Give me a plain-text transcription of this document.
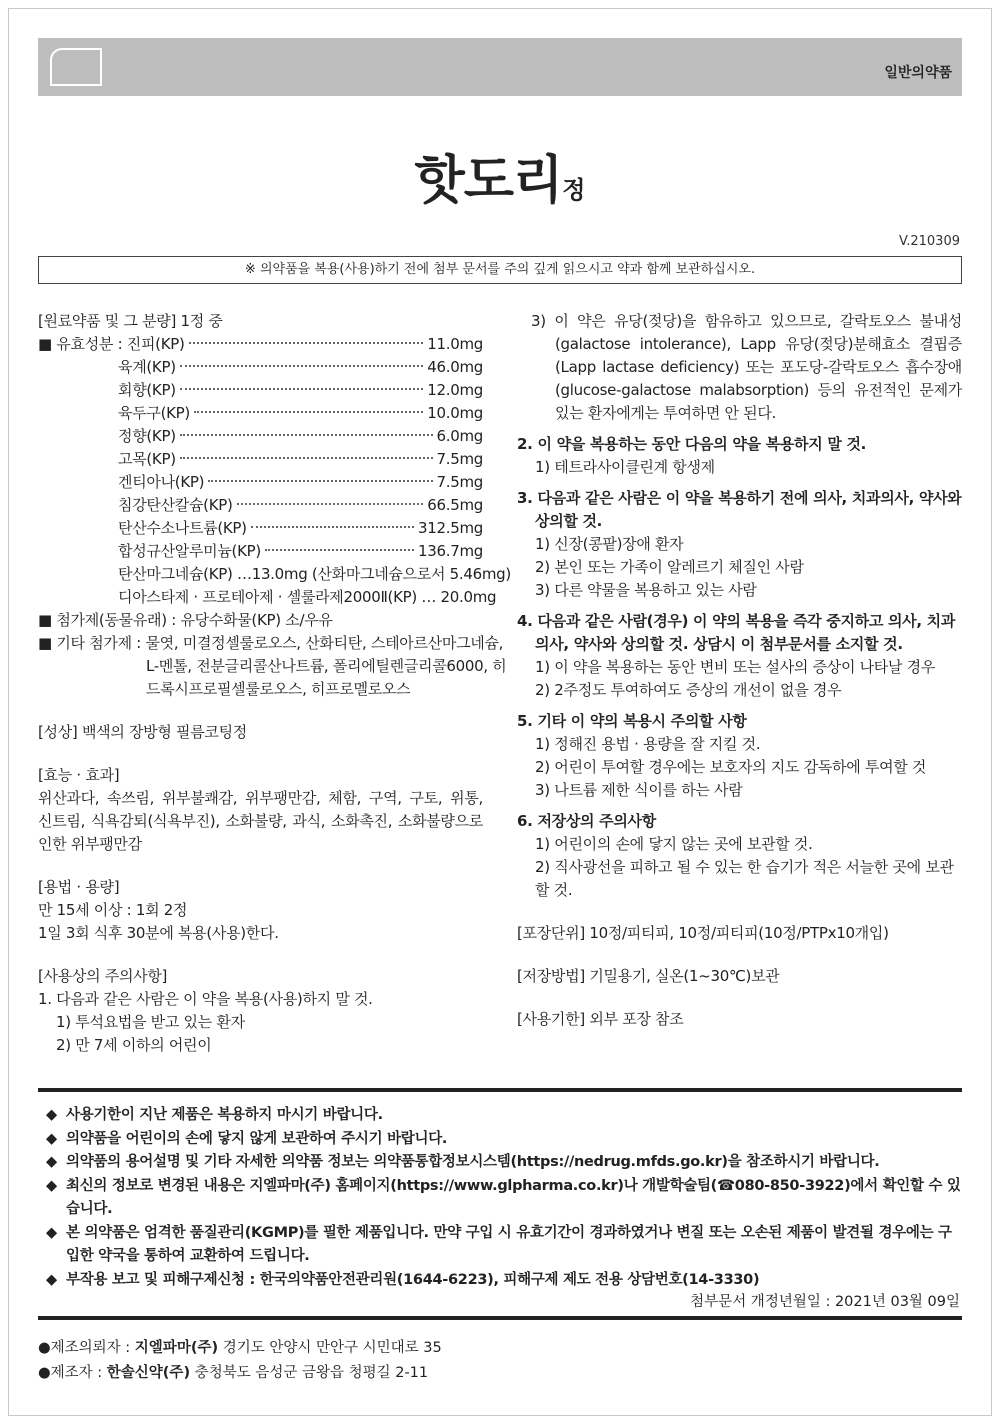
일반의약품
핫도리정
V.210309
※ 의약품을 복용(사용)하기 전에 첨부 문서를 주의 깊게 읽으시고 약과 함께 보관하십시오.
[원료약품 및 그 분량] 1정 중
■ 유효성분 : 진피(KP)	11.0mg
육계(KP)	46.0mg
회향(KP)	12.0mg
육두구(KP)	10.0mg
정향(KP)	6.0mg
고목(KP)	7.5mg
겐티아나(KP)	7.5mg
침강탄산칼슘(KP)	66.5mg
탄산수소나트륨(KP)	312.5mg
합성규산알루미늄(KP)	136.7mg
탄산마그네슘(KP) …13.0mg (산화마그네슘으로서 5.46mg)
디아스타제 · 프로테아제 · 셀룰라제2000Ⅱ(KP) … 20.0mg
■ 첨가제(동물유래) : 유당수화물(KP) 소/우유
■ 기타 첨가제 : 물엿, 미결정셀룰로오스, 산화티탄, 스테아르산마그네슘,
L-멘톨, 전분글리콜산나트륨, 폴리에틸렌글리콜6000, 히
드록시프로필셀룰로오스, 히프로멜로오스
[성상] 백색의 장방형 필름코팅정
[효능 · 효과]
위산과다, 속쓰림, 위부불쾌감, 위부팽만감, 체함, 구역, 구토, 위통, 신트림, 식욕감퇴(식욕부진), 소화불량, 과식, 소화촉진, 소화불량으로 인한 위부팽만감
[용법 · 용량]
만 15세 이상 : 1회 2정
1일 3회 식후 30분에 복용(사용)한다.
[사용상의 주의사항]
1. 다음과 같은 사람은 이 약을 복용(사용)하지 말 것.
1) 투석요법을 받고 있는 환자
2) 만 7세 이하의 어린이
3) 이 약은 유당(젖당)을 함유하고 있으므로, 갈락토오스 불내성(galactose intolerance), Lapp 유당(젖당)분해효소 결핍증(Lapp lactase deficiency) 또는 포도당-갈락토오스 흡수장애(glucose-galactose malabsorption) 등의 유전적인 문제가 있는 환자에게는 투여하면 안 된다.
2. 이 약을 복용하는 동안 다음의 약을 복용하지 말 것.
1) 테트라사이클린계 항생제
3. 다음과 같은 사람은 이 약을 복용하기 전에 의사, 치과의사, 약사와 상의할 것.
1) 신장(콩팥)장애 환자
2) 본인 또는 가족이 알레르기 체질인 사람
3) 다른 약물을 복용하고 있는 사람
4. 다음과 같은 사람(경우) 이 약의 복용을 즉각 중지하고 의사, 치과의사, 약사와 상의할 것. 상담시 이 첨부문서를 소지할 것.
1) 이 약을 복용하는 동안 변비 또는 설사의 증상이 나타날 경우
2) 2주정도 투여하여도 증상의 개선이 없을 경우
5. 기타 이 약의 복용시 주의할 사항
1) 정해진 용법 · 용량을 잘 지킬 것.
2) 어린이 투여할 경우에는 보호자의 지도 감독하에 투여할 것
3) 나트륨 제한 식이를 하는 사람
6. 저장상의 주의사항
1) 어린이의 손에 닿지 않는 곳에 보관할 것.
2) 직사광선을 피하고 될 수 있는 한 습기가 적은 서늘한 곳에 보관할 것.
[포장단위] 10정/피티피, 10정/피티피(10정/PTPx10개입)
[저장방법] 기밀용기, 실온(1~30℃)보관
[사용기한] 외부 포장 참조
◆ 사용기한이 지난 제품은 복용하지 마시기 바랍니다.
◆ 의약품을 어린이의 손에 닿지 않게 보관하여 주시기 바랍니다.
◆ 의약품의 용어설명 및 기타 자세한 의약품 정보는 의약품통합정보시스템(https://nedrug.mfds.go.kr)을 참조하시기 바랍니다.
◆ 최신의 정보로 변경된 내용은 지엘파마(주) 홈페이지(https://www.glpharma.co.kr)나 개발학술팀(☎080-850-3922)에서 확인할 수 있습니다.
◆ 본 의약품은 엄격한 품질관리(KGMP)를 필한 제품입니다. 만약 구입 시 유효기간이 경과하였거나 변질 또는 오손된 제품이 발견될 경우에는 구입한 약국을 통하여 교환하여 드립니다.
◆ 부작용 보고 및 피해구제신청 : 한국의약품안전관리원(1644-6223), 피해구제 제도 전용 상담번호(14-3330)
첨부문서 개정년월일 : 2021년 03월 09일
●제조의뢰자 : 지엘파마(주) 경기도 안양시 만안구 시민대로 35
●제조자 : 한솔신약(주) 충청북도 음성군 금왕읍 청평길 2-11
